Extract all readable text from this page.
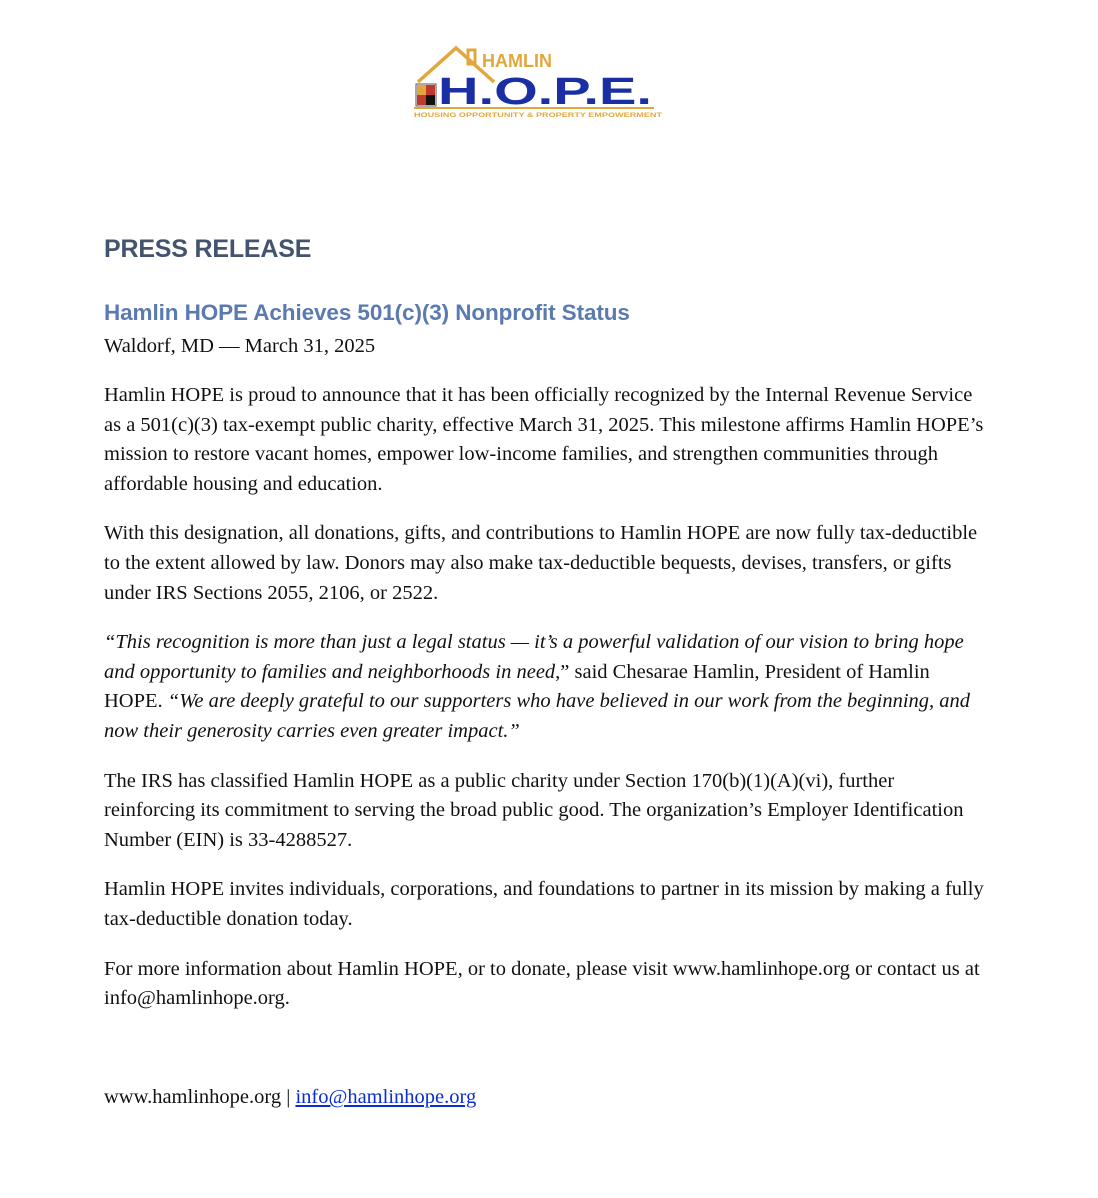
HAMLIN
H.O.P.E.
HOUSING OPPORTUNITY & PROPERTY EMPOWERMENT
PRESS RELEASE
Hamlin HOPE Achieves 501(c)(3) Nonprofit Status
Waldorf, MD — March 31, 2025

Hamlin HOPE is proud to announce that it has been officially recognized by the Internal Revenue Service as a 501(c)(3) tax-exempt public charity, effective March 31, 2025. This milestone affirms Hamlin HOPE’s mission to restore vacant homes, empower low-income families, and strengthen communities through affordable housing and education.

With this designation, all donations, gifts, and contributions to Hamlin HOPE are now fully tax-deductible to the extent allowed by law. Donors may also make tax-deductible bequests, devises, transfers, or gifts under IRS Sections 2055, 2106, or 2522.

“This recognition is more than just a legal status — it’s a powerful validation of our vision to bring hope and opportunity to families and neighborhoods in need,” said Chesarae Hamlin, President of Hamlin HOPE. “We are deeply grateful to our supporters who have believed in our work from the beginning, and now their generosity carries even greater impact.”

The IRS has classified Hamlin HOPE as a public charity under Section 170(b)(1)(A)(vi), further reinforcing its commitment to serving the broad public good. The organization’s Employer Identification Number (EIN) is 33-4288527.

Hamlin HOPE invites individuals, corporations, and foundations to partner in its mission by making a fully tax-deductible donation today.

For more information about Hamlin HOPE, or to donate, please visit www.hamlinhope.org or contact us at info@hamlinhope.org.

www.hamlinhope.org | info@hamlinhope.org
